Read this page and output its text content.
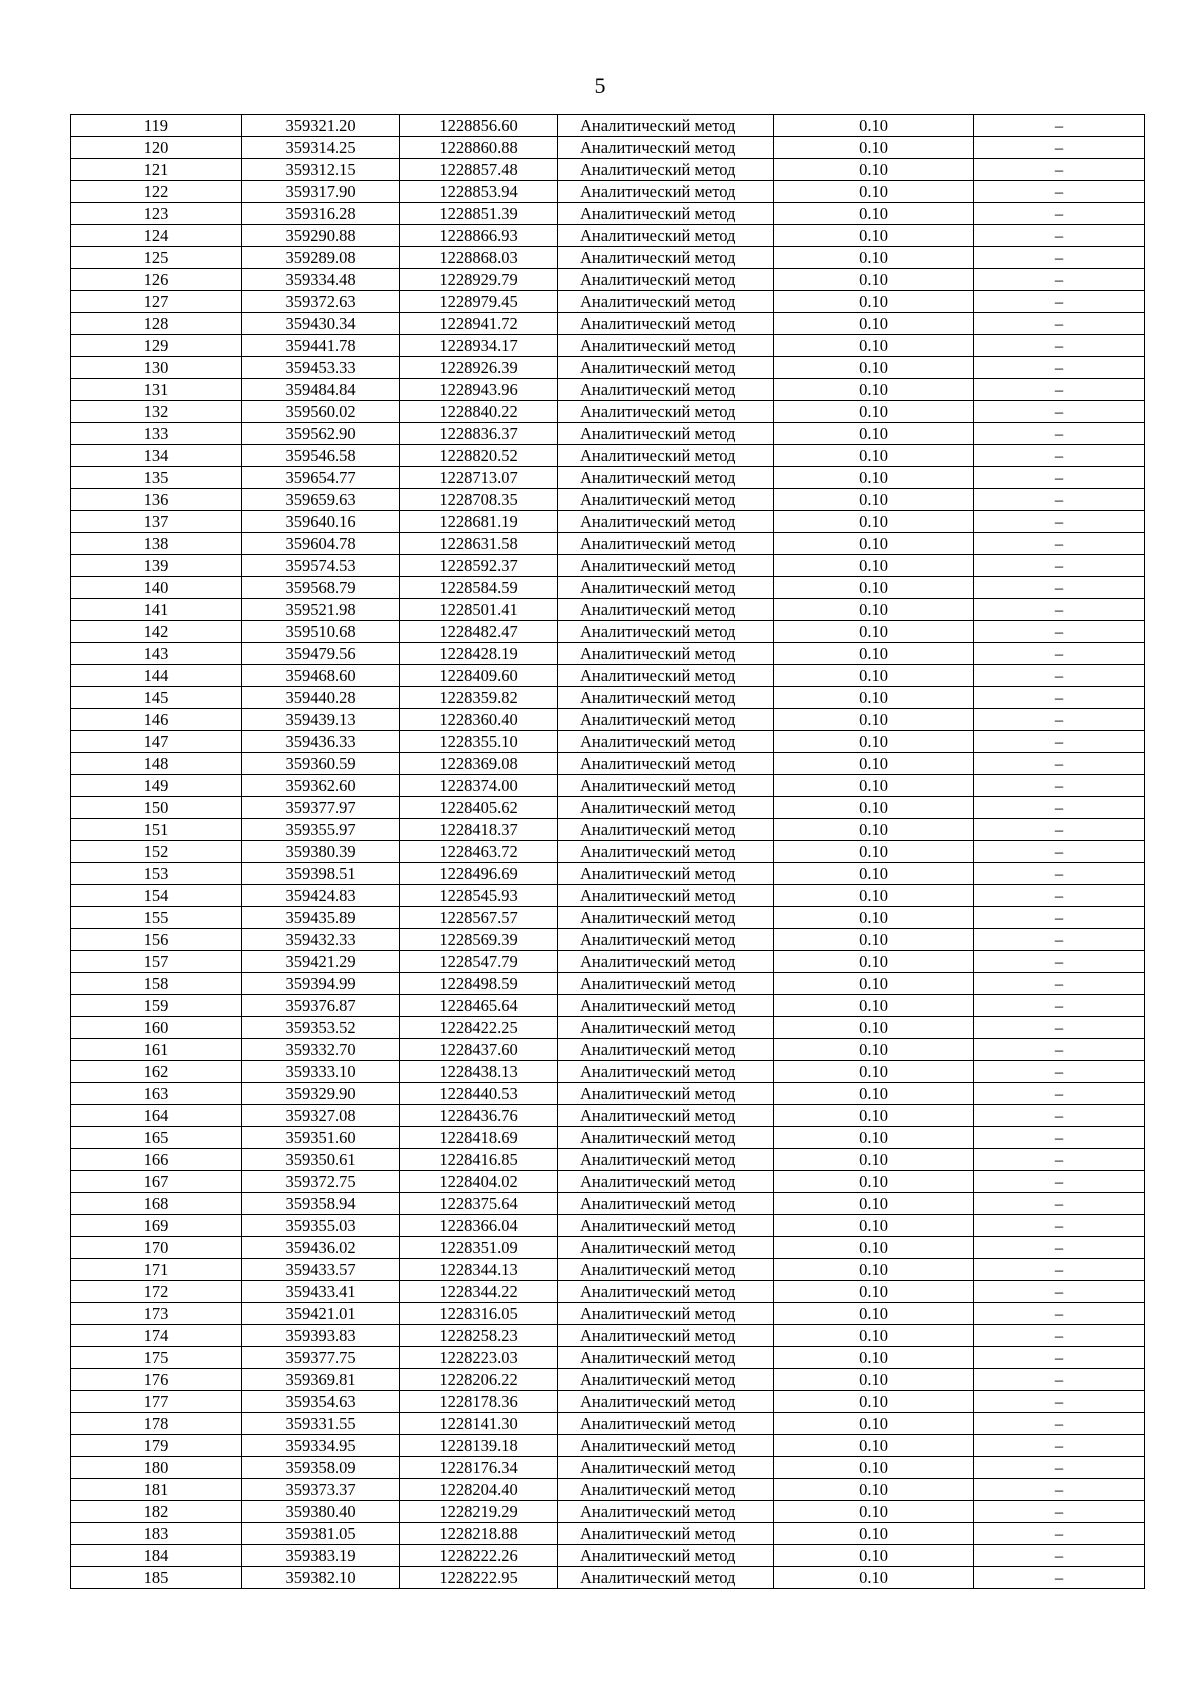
5
119	359321.20	1228856.60	Аналитический метод	0.10	–
120	359314.25	1228860.88	Аналитический метод	0.10	–
121	359312.15	1228857.48	Аналитический метод	0.10	–
122	359317.90	1228853.94	Аналитический метод	0.10	–
123	359316.28	1228851.39	Аналитический метод	0.10	–
124	359290.88	1228866.93	Аналитический метод	0.10	–
125	359289.08	1228868.03	Аналитический метод	0.10	–
126	359334.48	1228929.79	Аналитический метод	0.10	–
127	359372.63	1228979.45	Аналитический метод	0.10	–
128	359430.34	1228941.72	Аналитический метод	0.10	–
129	359441.78	1228934.17	Аналитический метод	0.10	–
130	359453.33	1228926.39	Аналитический метод	0.10	–
131	359484.84	1228943.96	Аналитический метод	0.10	–
132	359560.02	1228840.22	Аналитический метод	0.10	–
133	359562.90	1228836.37	Аналитический метод	0.10	–
134	359546.58	1228820.52	Аналитический метод	0.10	–
135	359654.77	1228713.07	Аналитический метод	0.10	–
136	359659.63	1228708.35	Аналитический метод	0.10	–
137	359640.16	1228681.19	Аналитический метод	0.10	–
138	359604.78	1228631.58	Аналитический метод	0.10	–
139	359574.53	1228592.37	Аналитический метод	0.10	–
140	359568.79	1228584.59	Аналитический метод	0.10	–
141	359521.98	1228501.41	Аналитический метод	0.10	–
142	359510.68	1228482.47	Аналитический метод	0.10	–
143	359479.56	1228428.19	Аналитический метод	0.10	–
144	359468.60	1228409.60	Аналитический метод	0.10	–
145	359440.28	1228359.82	Аналитический метод	0.10	–
146	359439.13	1228360.40	Аналитический метод	0.10	–
147	359436.33	1228355.10	Аналитический метод	0.10	–
148	359360.59	1228369.08	Аналитический метод	0.10	–
149	359362.60	1228374.00	Аналитический метод	0.10	–
150	359377.97	1228405.62	Аналитический метод	0.10	–
151	359355.97	1228418.37	Аналитический метод	0.10	–
152	359380.39	1228463.72	Аналитический метод	0.10	–
153	359398.51	1228496.69	Аналитический метод	0.10	–
154	359424.83	1228545.93	Аналитический метод	0.10	–
155	359435.89	1228567.57	Аналитический метод	0.10	–
156	359432.33	1228569.39	Аналитический метод	0.10	–
157	359421.29	1228547.79	Аналитический метод	0.10	–
158	359394.99	1228498.59	Аналитический метод	0.10	–
159	359376.87	1228465.64	Аналитический метод	0.10	–
160	359353.52	1228422.25	Аналитический метод	0.10	–
161	359332.70	1228437.60	Аналитический метод	0.10	–
162	359333.10	1228438.13	Аналитический метод	0.10	–
163	359329.90	1228440.53	Аналитический метод	0.10	–
164	359327.08	1228436.76	Аналитический метод	0.10	–
165	359351.60	1228418.69	Аналитический метод	0.10	–
166	359350.61	1228416.85	Аналитический метод	0.10	–
167	359372.75	1228404.02	Аналитический метод	0.10	–
168	359358.94	1228375.64	Аналитический метод	0.10	–
169	359355.03	1228366.04	Аналитический метод	0.10	–
170	359436.02	1228351.09	Аналитический метод	0.10	–
171	359433.57	1228344.13	Аналитический метод	0.10	–
172	359433.41	1228344.22	Аналитический метод	0.10	–
173	359421.01	1228316.05	Аналитический метод	0.10	–
174	359393.83	1228258.23	Аналитический метод	0.10	–
175	359377.75	1228223.03	Аналитический метод	0.10	–
176	359369.81	1228206.22	Аналитический метод	0.10	–
177	359354.63	1228178.36	Аналитический метод	0.10	–
178	359331.55	1228141.30	Аналитический метод	0.10	–
179	359334.95	1228139.18	Аналитический метод	0.10	–
180	359358.09	1228176.34	Аналитический метод	0.10	–
181	359373.37	1228204.40	Аналитический метод	0.10	–
182	359380.40	1228219.29	Аналитический метод	0.10	–
183	359381.05	1228218.88	Аналитический метод	0.10	–
184	359383.19	1228222.26	Аналитический метод	0.10	–
185	359382.10	1228222.95	Аналитический метод	0.10	–
